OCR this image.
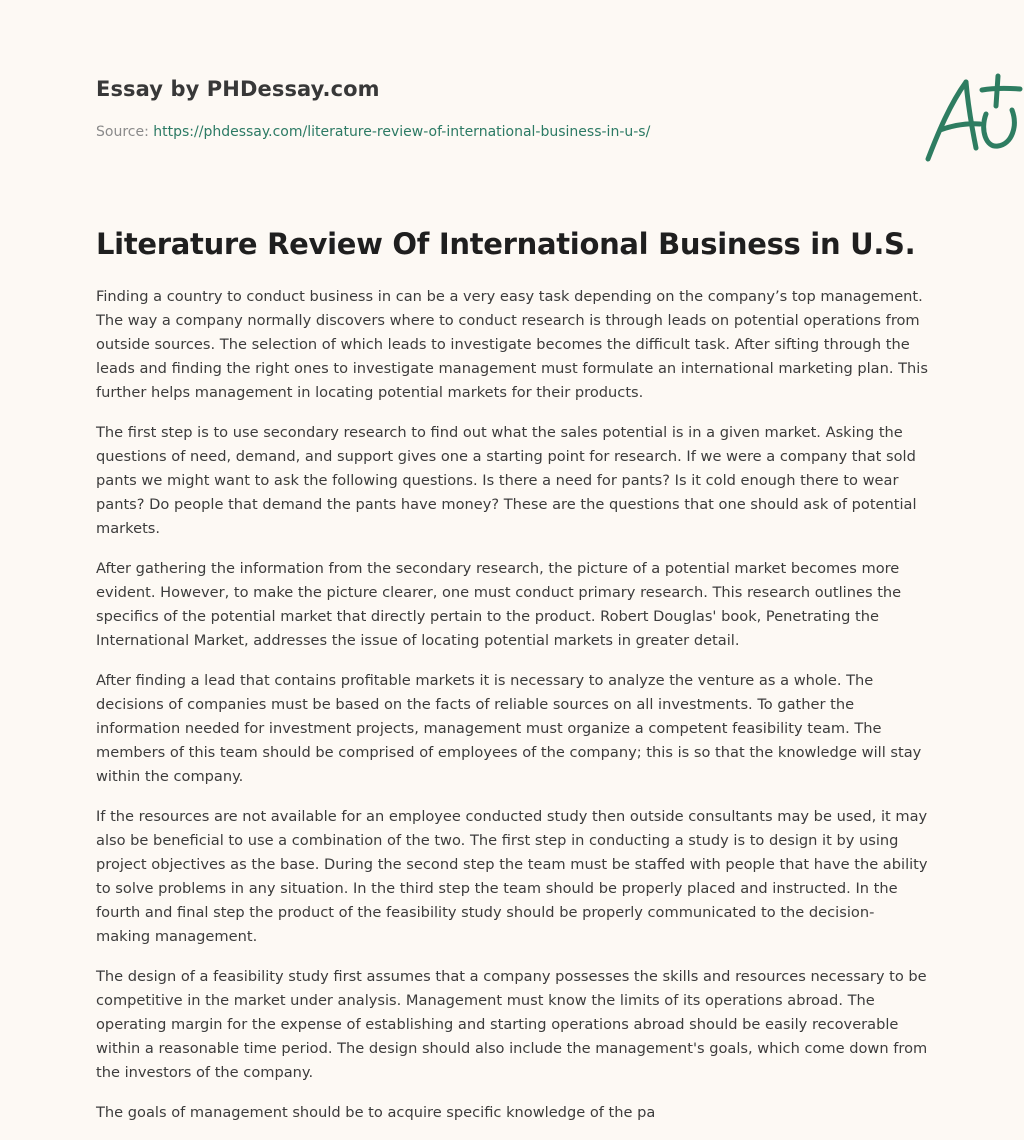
Essay by PHDessay.com
Source: https://phdessay.com/literature-review-of-international-business-in-u-s/
Literature Review Of International Business in U.S.

Finding a country to conduct business in can be a very easy task depending on the company’s top management. The way a company normally discovers where to conduct research is through leads on potential operations from outside sources. The selection of which leads to investigate becomes the difficult task. After sifting through the leads and finding the right ones to investigate management must formulate an international marketing plan. This further helps management in locating potential markets for their products.

The first step is to use secondary research to find out what the sales potential is in a given market. Asking the questions of need, demand, and support gives one a starting point for research. If we were a company that sold pants we might want to ask the following questions. Is there a need for pants? Is it cold enough there to wear pants? Do people that demand the pants have money? These are the questions that one should ask of potential markets.

After gathering the information from the secondary research, the picture of a potential market becomes more evident. However, to make the picture clearer, one must conduct primary research. This research outlines the specifics of the potential market that directly pertain to the product. Robert Douglas' book, Penetrating the International Market, addresses the issue of locating potential markets in greater detail.

After finding a lead that contains profitable markets it is necessary to analyze the venture as a whole. The decisions of companies must be based on the facts of reliable sources on all investments. To gather the information needed for investment projects, management must organize a competent feasibility team. The members of this team should be comprised of employees of the company; this is so that the knowledge will stay within the company.

If the resources are not available for an employee conducted study then outside consultants may be used, it may also be beneficial to use a combination of the two. The first step in conducting a study is to design it by using project objectives as the base. During the second step the team must be staffed with people that have the ability to solve problems in any situation. In the third step the team should be properly placed and instructed. In the fourth and final step the product of the feasibility study should be properly communicated to the decision-making management.

The design of a feasibility study first assumes that a company possesses the skills and resources necessary to be competitive in the market under analysis. Management must know the limits of its operations abroad. The operating margin for the expense of establishing and starting operations abroad should be easily recoverable within a reasonable time period. The design should also include the management's goals, which come down from the investors of the company.

The goals of management should be to acquire specific knowledge of the pa
